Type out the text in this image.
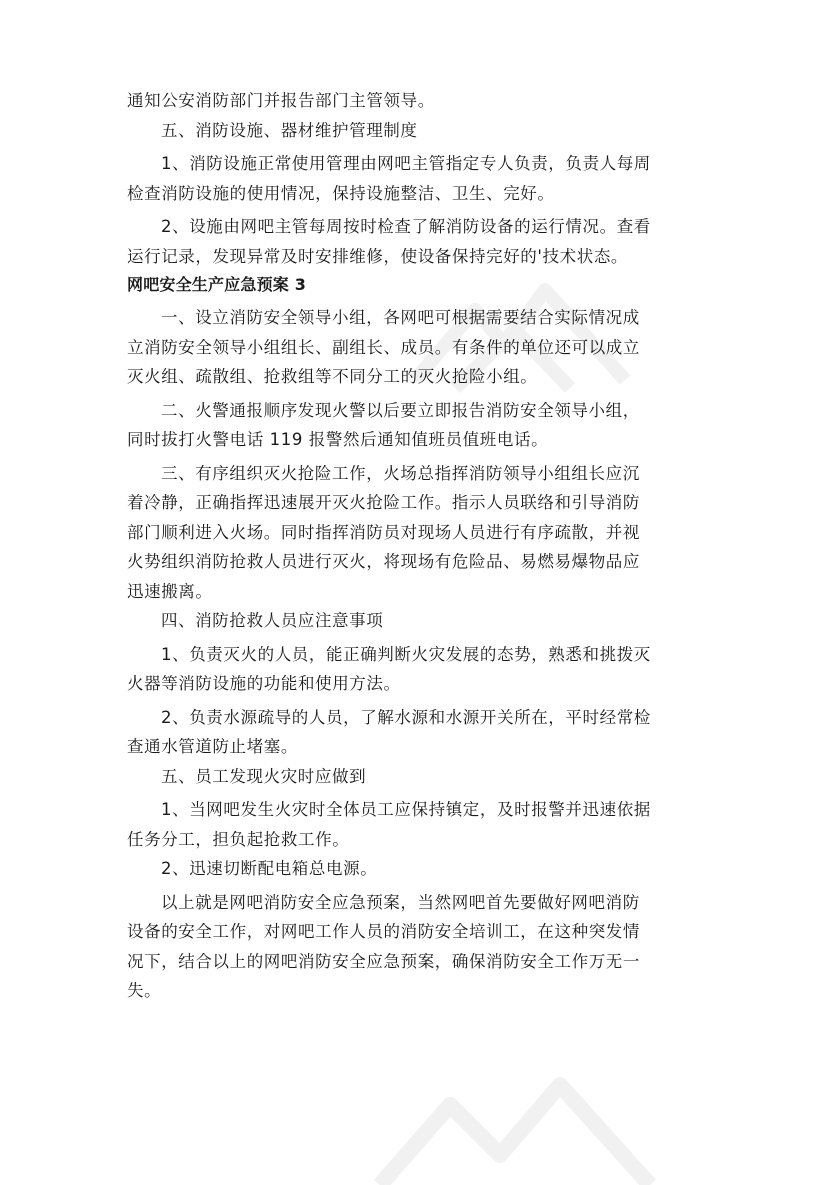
通知公安消防部门并报告部门主管领导。
五、消防设施、器材维护管理制度
1、消防设施正常使用管理由网吧主管指定专人负责，负责人每周
检查消防设施的使用情况，保持设施整洁、卫生、完好。
2、设施由网吧主管每周按时检查了解消防设备的运行情况。查看
运行记录，发现异常及时安排维修，使设备保持完好的'技术状态。
网吧安全生产应急预案 3
一、设立消防安全领导小组，各网吧可根据需要结合实际情况成
立消防安全领导小组组长、副组长、成员。有条件的单位还可以成立
灭火组、疏散组、抢救组等不同分工的灭火抢险小组。
二、火警通报顺序发现火警以后要立即报告消防安全领导小组，
同时拔打火警电话 119 报警然后通知值班员值班电话。
三、有序组织灭火抢险工作，火场总指挥消防领导小组组长应沉
着冷静，正确指挥迅速展开灭火抢险工作。指示人员联络和引导消防
部门顺利进入火场。同时指挥消防员对现场人员进行有序疏散，并视
火势组织消防抢救人员进行灭火，将现场有危险品、易燃易爆物品应
迅速搬离。
四、消防抢救人员应注意事项
1、负责灭火的人员，能正确判断火灾发展的态势，熟悉和挑拨灭
火器等消防设施的功能和使用方法。
2、负责水源疏导的人员，了解水源和水源开关所在，平时经常检
查通水管道防止堵塞。
五、员工发现火灾时应做到
1、当网吧发生火灾时全体员工应保持镇定，及时报警并迅速依据
任务分工，担负起抢救工作。
2、迅速切断配电箱总电源。
以上就是网吧消防安全应急预案，当然网吧首先要做好网吧消防
设备的安全工作，对网吧工作人员的消防安全培训工，在这种突发情
况下，结合以上的网吧消防安全应急预案，确保消防安全工作万无一
失。
